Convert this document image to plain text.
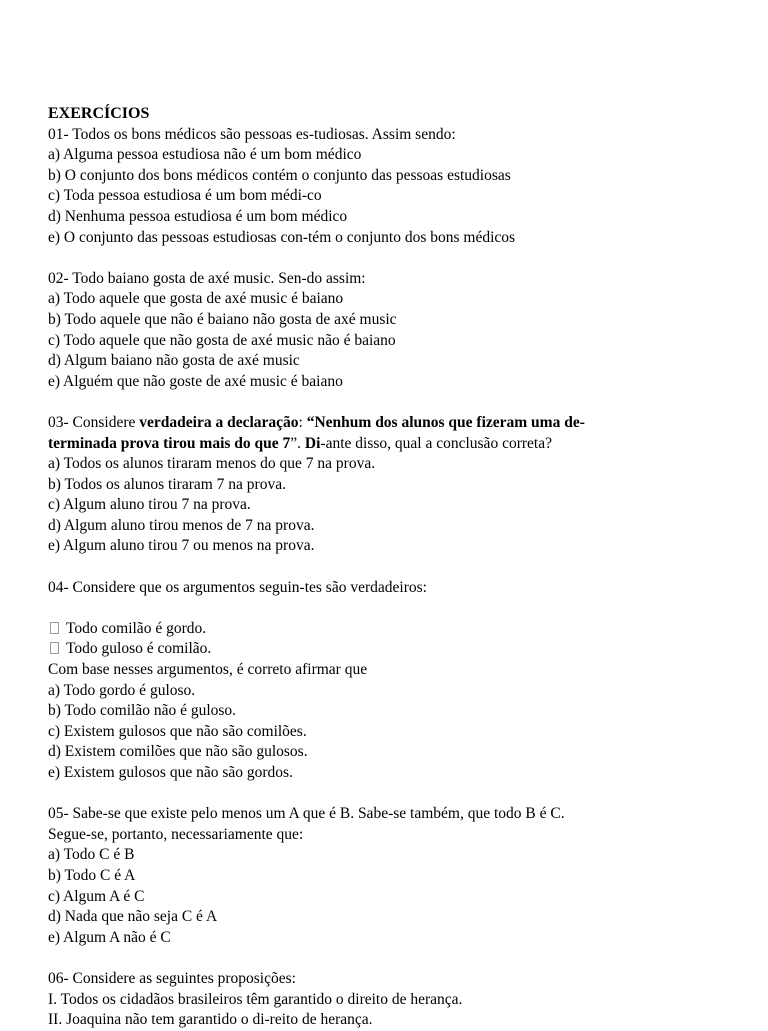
EXERCÍCIOS
01- Todos os bons médicos são pessoas es-tudiosas. Assim sendo:
a) Alguma pessoa estudiosa não é um bom médico
b) O conjunto dos bons médicos contém o conjunto das pessoas estudiosas
c) Toda pessoa estudiosa é um bom médi-co
d) Nenhuma pessoa estudiosa é um bom médico
e) O conjunto das pessoas estudiosas con-tém o conjunto dos bons médicos
02- Todo baiano gosta de axé music. Sen-do assim:
a) Todo aquele que gosta de axé music é baiano
b) Todo aquele que não é baiano não gosta de axé music
c) Todo aquele que não gosta de axé music não é baiano
d) Algum baiano não gosta de axé music
e) Alguém que não goste de axé music é baiano
03- Considere verdadeira a declaração: “Nenhum dos alunos que fizeram uma de-
terminada prova tirou mais do que 7”. Di-ante disso, qual a conclusão correta?
a) Todos os alunos tiraram menos do que 7 na prova.
b) Todos os alunos tiraram 7 na prova.
c) Algum aluno tirou 7 na prova.
d) Algum aluno tirou menos de 7 na prova.
e) Algum aluno tirou 7 ou menos na prova.
04- Considere que os argumentos seguin-tes são verdadeiros:
Todo comilão é gordo.
Todo guloso é comilão.
Com base nesses argumentos, é correto afirmar que
a) Todo gordo é guloso.
b) Todo comilão não é guloso.
c) Existem gulosos que não são comilões.
d) Existem comilões que não são gulosos.
e) Existem gulosos que não são gordos.
05- Sabe-se que existe pelo menos um A que é B. Sabe-se também, que todo B é C.
Segue-se, portanto, necessariamente que:
a) Todo C é B
b) Todo C é A
c) Algum A é C
d) Nada que não seja C é A
e) Algum A não é C
06- Considere as seguintes proposições:
I. Todos os cidadãos brasileiros têm garantido o direito de herança.
II. Joaquina não tem garantido o di-reito de herança.
